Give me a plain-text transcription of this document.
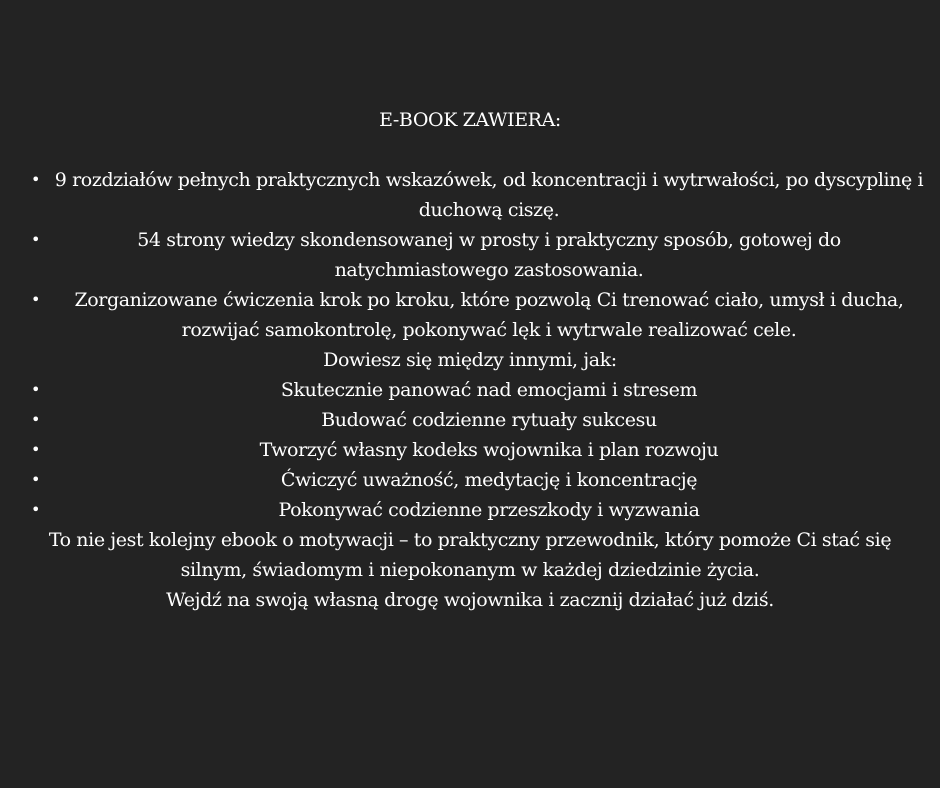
E-BOOK ZAWIERA:
• 9 rozdziałów pełnych praktycznych wskazówek, od koncentracji i wytrwałości, po dyscyplinę i duchową ciszę.
• 54 strony wiedzy skondensowanej w prosty i praktyczny sposób, gotowej do natychmiastowego zastosowania.
• Zorganizowane ćwiczenia krok po kroku, które pozwolą Ci trenować ciało, umysł i ducha, rozwijać samokontrolę, pokonywać lęk i wytrwale realizować cele.

Dowiesz się między innymi, jak:

• Skutecznie panować nad emocjami i stresem
• Budować codzienne rytuały sukcesu
• Tworzyć własny kodeks wojownika i plan rozwoju
• Ćwiczyć uważność, medytację i koncentrację
• Pokonywać codzienne przeszkody i wyzwania

To nie jest kolejny ebook o motywacji – to praktyczny przewodnik, który pomoże Ci stać się silnym, świadomym i niepokonanym w każdej dziedzinie życia.

Wejdź na swoją własną drogę wojownika i zacznij działać już dziś.
